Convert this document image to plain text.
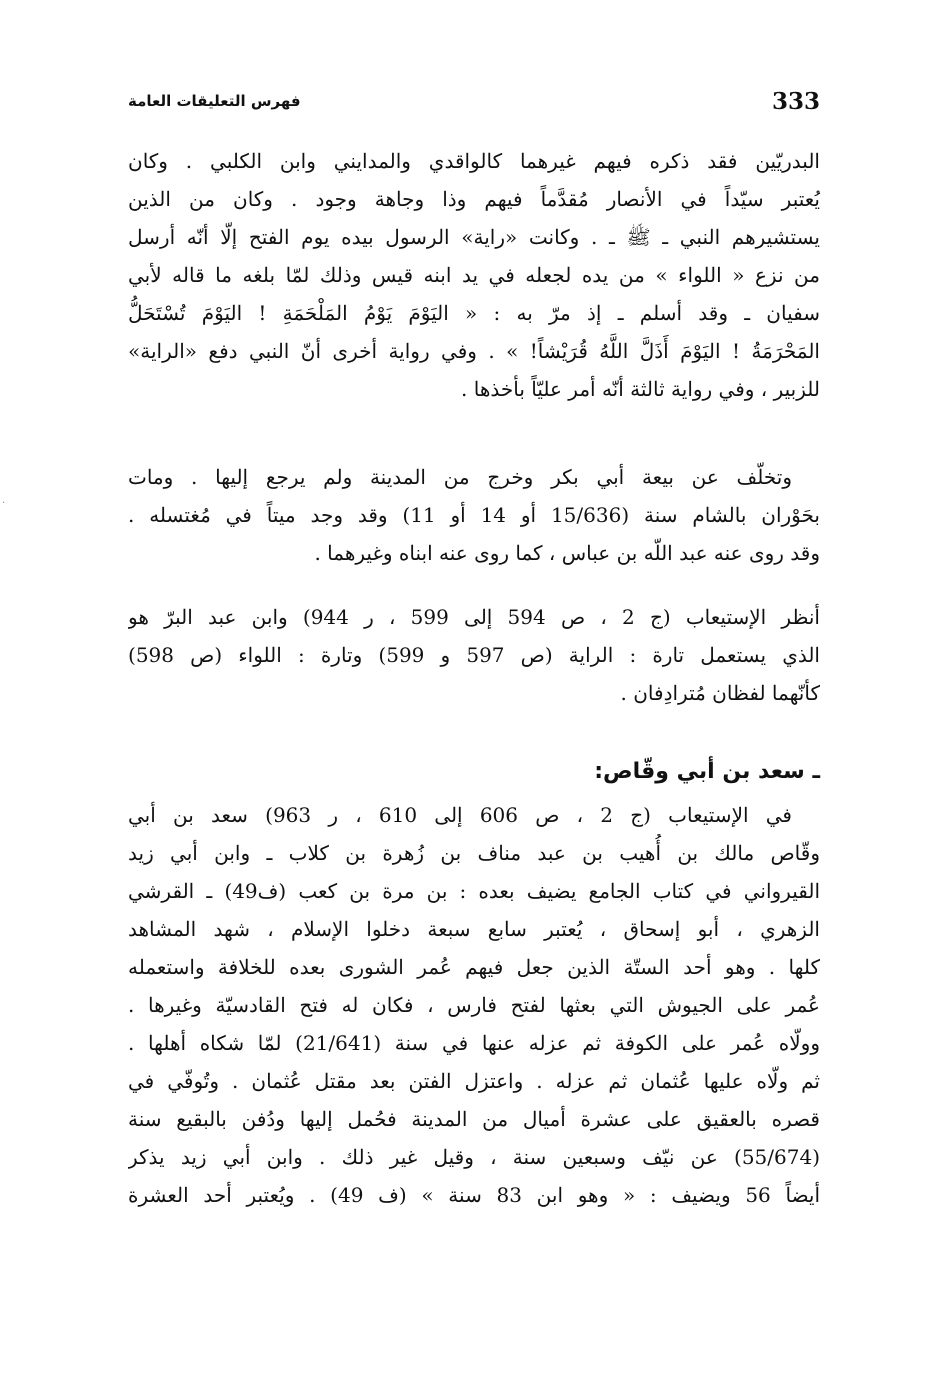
333
فهرس التعليقات العامة
البدريّين فقد ذكره فيهم غيرهما كالواقدي والمدايني وابن الكلبي . وكان
يُعتبر سيّداً في الأنصار مُقدَّماً فيهم وذا وجاهة وجود . وكان من الذين
يستشيرهم النبي ـ ﷺ ـ . وكانت «راية» الرسول بيده يوم الفتح إلّا أنّه أرسل
من نزع « اللواء » من يده لجعله في يد ابنه قيس وذلك لمّا بلغه ما قاله لأبي
سفيان ـ وقد أسلم ـ إذ مرّ به : « اليَوْمَ يَوْمُ المَلْحَمَةِ ! اليَوْمَ تُسْتَحَلُّ
المَحْرَمَةُ ! اليَوْمَ أَذَلَّ اللَّهُ قُرَيْشاً! » . وفي رواية أخرى أنّ النبي دفع «الراية»
للزبير ، وفي رواية ثالثة أنّه أمر عليّاً بأخذها .
وتخلّف عن بيعة أبي بكر وخرج من المدينة ولم يرجع إليها . ومات
بحَوْران بالشام سنة (15/636 أو 14 أو 11) وقد وجد ميتاً في مُغتسله .
وقد روى عنه عبد اللّه بن عباس ، كما روى عنه ابناه وغيرهما .
أنظر الإستيعاب (ج 2 ، ص 594 إلى 599 ، ر 944) وابن عبد البرّ هو
الذي يستعمل تارة : الراية (ص 597 و 599) وتارة : اللواء (ص 598)
كأنّهما لفظان مُترادِفان .
ـ سعد بن أبي وقّاص:
في الإستيعاب (ج 2 ، ص 606 إلى 610 ، ر 963) سعد بن أبي
وقّاص مالك بن أُهيب بن عبد مناف بن زُهرة بن كلاب ـ وابن أبي زيد
القيرواني في كتاب الجامع يضيف بعده : بن مرة بن كعب (ف49) ـ القرشي
الزهري ، أبو إسحاق ، يُعتبر سابع سبعة دخلوا الإسلام ، شهد المشاهد
كلها . وهو أحد الستّة الذين جعل فيهم عُمر الشورى بعده للخلافة واستعمله
عُمر على الجيوش التي بعثها لفتح فارس ، فكان له فتح القادسيّة وغيرها .
وولّاه عُمر على الكوفة ثم عزله عنها في سنة (21/641) لمّا شكاه أهلها .
ثم ولّاه عليها عُثمان ثم عزله . واعتزل الفتن بعد مقتل عُثمان . وتُوفّي في
قصره بالعقيق على عشرة أميال من المدينة فحُمل إليها ودُفن بالبقيع سنة
(55/674) عن نيّف وسبعين سنة ، وقيل غير ذلك . وابن أبي زيد يذكر
أيضاً 56 ويضيف : « وهو ابن 83 سنة » (ف 49) . ويُعتبر أحد العشرة
·
